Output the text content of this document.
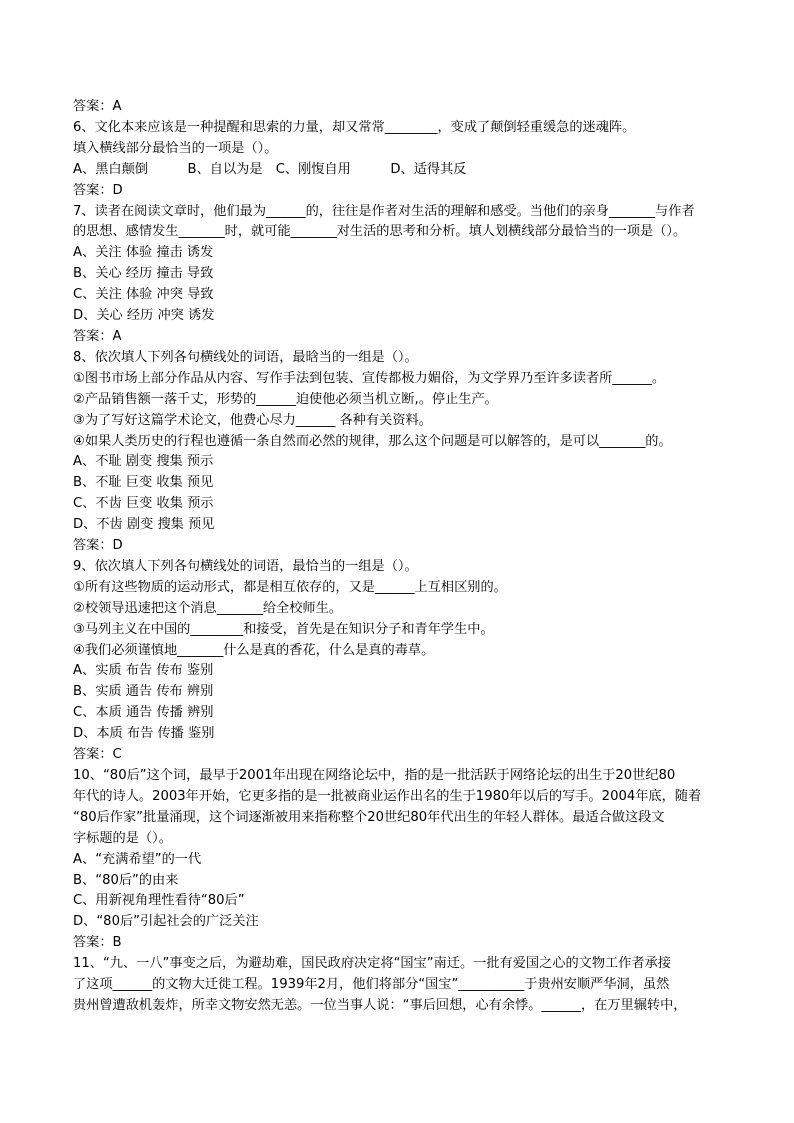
答案：A

6、文化本来应该是一种提醒和思索的力量，却又常常________，变成了颠倒轻重缓急的迷魂阵。

填入横线部分最恰当的一项是（）。

A、黑白颠倒　　　B、自以为是　C、刚愎自用　　　D、适得其反

答案：D

7、读者在阅读文章时，他们最为______的，往往是作者对生活的理解和感受。当他们的亲身_______与作者

的思想、感情发生_______时，就可能_______对生活的思考和分析。填人划横线部分最恰当的一项是（）。

A、关注 体验 撞击 诱发

B、关心 经历 撞击 导致

C、关注 体验 冲突 导致

D、关心 经历 冲突 诱发

答案：A

8、依次填人下列各句横线处的词语，最晗当的一组是（）。

①图书市场上部分作品从内容、写作手法到包装、宣传都极力媚俗，为文学界乃至许多读者所______。

②产品销售额一落千丈，形势的______迫使他必须当机立断,。停止生产。

③为了写好这篇学术论文，他费心尽力______ 各种有关资料。

④如果人类历史的行程也遵循一条自然而必然的规律，那么这个问题是可以解答的，是可以_______的。

A、不耻 剧变 搜集 预示

B、不耻 巨变 收集 预见

C、不齿 巨变 收集 预示

D、不齿 剧变 搜集 预见

答案：D

9、依次填人下列各句横线处的词语，最恰当的一组是（）。

①所有这些物质的运动形式，都是相互依存的，又是______上互相区别的。

②校领导迅速把这个消息_______给全校师生。

③马列主义在中国的________和接受，首先是在知识分子和青年学生中。

④我们必须谨慎地_______什么是真的香花，什么是真的毒草。

A、实质 布告 传布 鉴别

B、实质 通告 传布 辨别

C、本质 通告 传播 辨别

D、本质 布告 传播 鉴别

答案：C

10、“80后”这个词，最早于2001年出现在网络论坛中，指的是一批活跃于网络论坛的出生于20世纪80

年代的诗人。2003年开始，它更多指的是一批被商业运作出名的生于1980年以后的写手。2004年底，随着

“80后作家”批量涌现，这个词逐渐被用来指称整个20世纪80年代出生的年轻人群体。最适合做这段文

字标题的是（）。

A、“充满希望”的一代

B、“80后”的由来

C、用新视角理性看待“80后”

D、“80后”引起社会的广泛关注

答案：B

11、“九、一八”事变之后，为避劫难，国民政府决定将“国宝”南迁。一批有爱国之心的文物工作者承接

了这项______的文物大迁徙工程。1939年2月，他们将部分“国宝”__________于贵州安顺严华洞，虽然

贵州曾遭敌机轰炸，所幸文物安然无恙。一位当事人说：“事后回想，心有余悸。______，在万里辗转中，
